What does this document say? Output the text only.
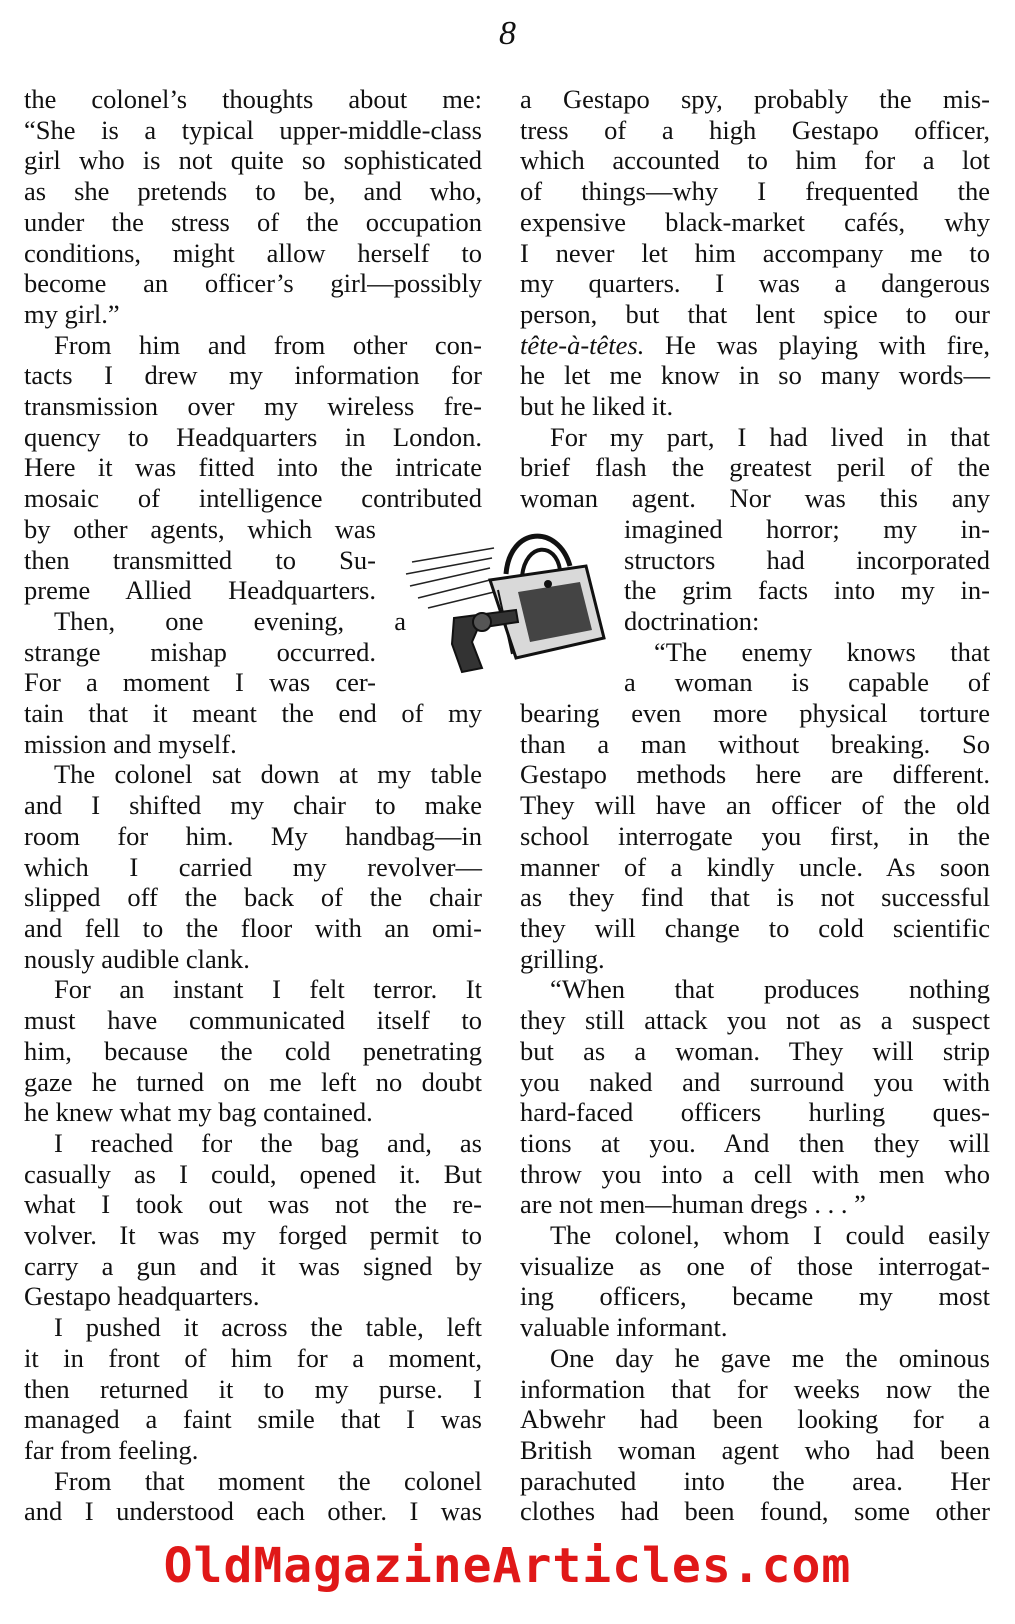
8
the colonel’s thoughts about me:
“She is a typical upper-middle-class
girl who is not quite so sophisticated
as she pretends to be, and who,
under the stress of the occupation
conditions, might allow herself to
become an officer’s girl—possibly
my girl.”
From him and from other con-
tacts I drew my information for
transmission over my wireless fre-
quency to Headquarters in London.
Here it was fitted into the intricate
mosaic of intelligence contributed
by other agents, which was
then transmitted to Su-
preme Allied Headquarters.
Then, one evening, a
strange mishap occurred.
For a moment I was cer-
tain that it meant the end of my
mission and myself.
The colonel sat down at my table
and I shifted my chair to make
room for him. My handbag—in
which I carried my revolver—
slipped off the back of the chair
and fell to the floor with an omi-
nously audible clank.
For an instant I felt terror. It
must have communicated itself to
him, because the cold penetrating
gaze he turned on me left no doubt
he knew what my bag contained.
I reached for the bag and, as
casually as I could, opened it. But
what I took out was not the re-
volver. It was my forged permit to
carry a gun and it was signed by
Gestapo headquarters.
I pushed it across the table, left
it in front of him for a moment,
then returned it to my purse. I
managed a faint smile that I was
far from feeling.
From that moment the colonel
and I understood each other. I was
a Gestapo spy, probably the mis-
tress of a high Gestapo officer,
which accounted to him for a lot
of things—why I frequented the
expensive black-market cafés, why
I never let him accompany me to
my quarters. I was a dangerous
person, but that lent spice to our
tête-à-têtes. He was playing with fire,
he let me know in so many words—
but he liked it.
For my part, I had lived in that
brief flash the greatest peril of the
woman agent. Nor was this any
imagined horror; my in-
structors had incorporated
the grim facts into my in-
doctrination:
“The enemy knows that
a woman is capable of
bearing even more physical torture
than a man without breaking. So
Gestapo methods here are different.
They will have an officer of the old
school interrogate you first, in the
manner of a kindly uncle. As soon
as they find that is not successful
they will change to cold scientific
grilling.
“When that produces nothing
they still attack you not as a suspect
but as a woman. They will strip
you naked and surround you with
hard-faced officers hurling ques-
tions at you. And then they will
throw you into a cell with men who
are not men—human dregs . . . ”
The colonel, whom I could easily
visualize as one of those interrogat-
ing officers, became my most
valuable informant.
One day he gave me the ominous
information that for weeks now the
Abwehr had been looking for a
British woman agent who had been
parachuted into the area. Her
clothes had been found, some other
OldMagazineArticles.com
